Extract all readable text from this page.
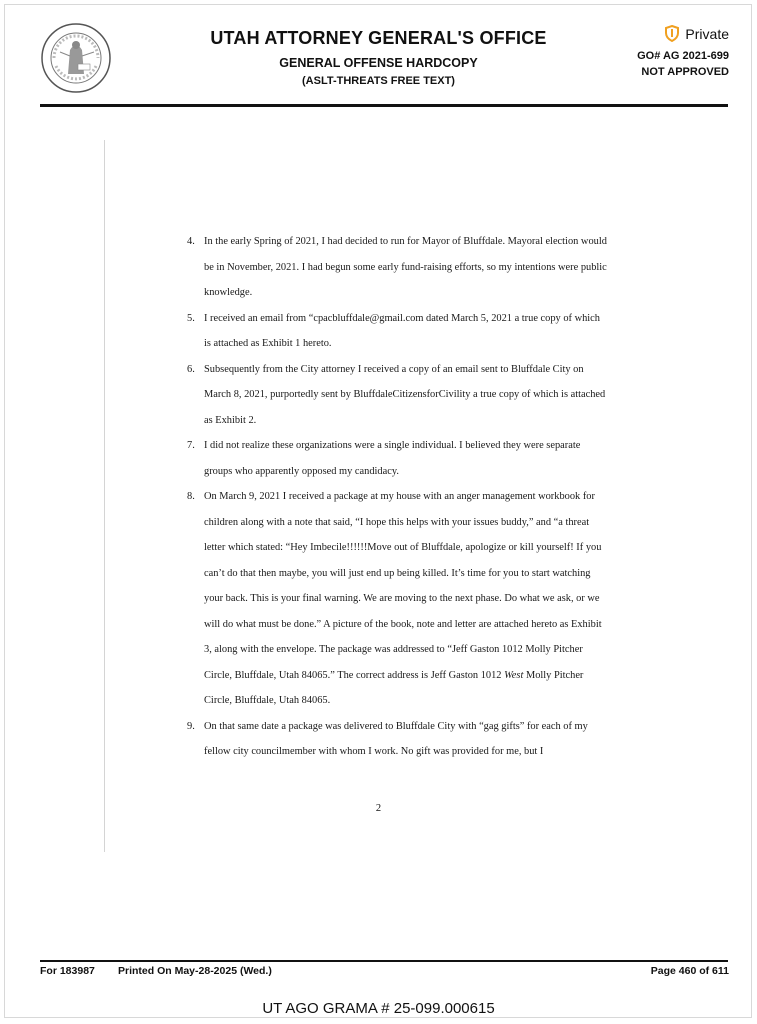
UTAH ATTORNEY GENERAL'S OFFICE
GENERAL OFFENSE HARDCOPY
(ASLT-THREATS FREE TEXT)
Private
GO# AG 2021-699
NOT APPROVED
4. In the early Spring of 2021, I had decided to run for Mayor of Bluffdale. Mayoral election would be in November, 2021. I had begun some early fund-raising efforts, so my intentions were public knowledge.
5. I received an email from “cpacbluffdale@gmail.com dated March 5, 2021 a true copy of which is attached as Exhibit 1 hereto.
6. Subsequently from the City attorney I received a copy of an email sent to Bluffdale City on March 8, 2021, purportedly sent by BluffdaleCitizensforCivility a true copy of which is attached as Exhibit 2.
7. I did not realize these organizations were a single individual. I believed they were separate groups who apparently opposed my candidacy.
8. On March 9, 2021 I received a package at my house with an anger management workbook for children along with a note that said, “I hope this helps with your issues buddy,” and “a threat letter which stated: “Hey Imbecile!!!!!!Move out of Bluffdale, apologize or kill yourself! If you can’t do that then maybe, you will just end up being killed. It’s time for you to start watching your back. This is your final warning. We are moving to the next phase. Do what we ask, or we will do what must be done.” A picture of the book, note and letter are attached hereto as Exhibit 3, along with the envelope. The package was addressed to “Jeff Gaston 1012 Molly Pitcher Circle, Bluffdale, Utah 84065.” The correct address is Jeff Gaston 1012 West Molly Pitcher Circle, Bluffdale, Utah 84065.
9. On that same date a package was delivered to Bluffdale City with “gag gifts” for each of my fellow city councilmember with whom I work. No gift was provided for me, but I
2
For 183987 Printed On May-28-2025 (Wed.)	Page 460 of 611
UT AGO GRAMA # 25-099.000615
